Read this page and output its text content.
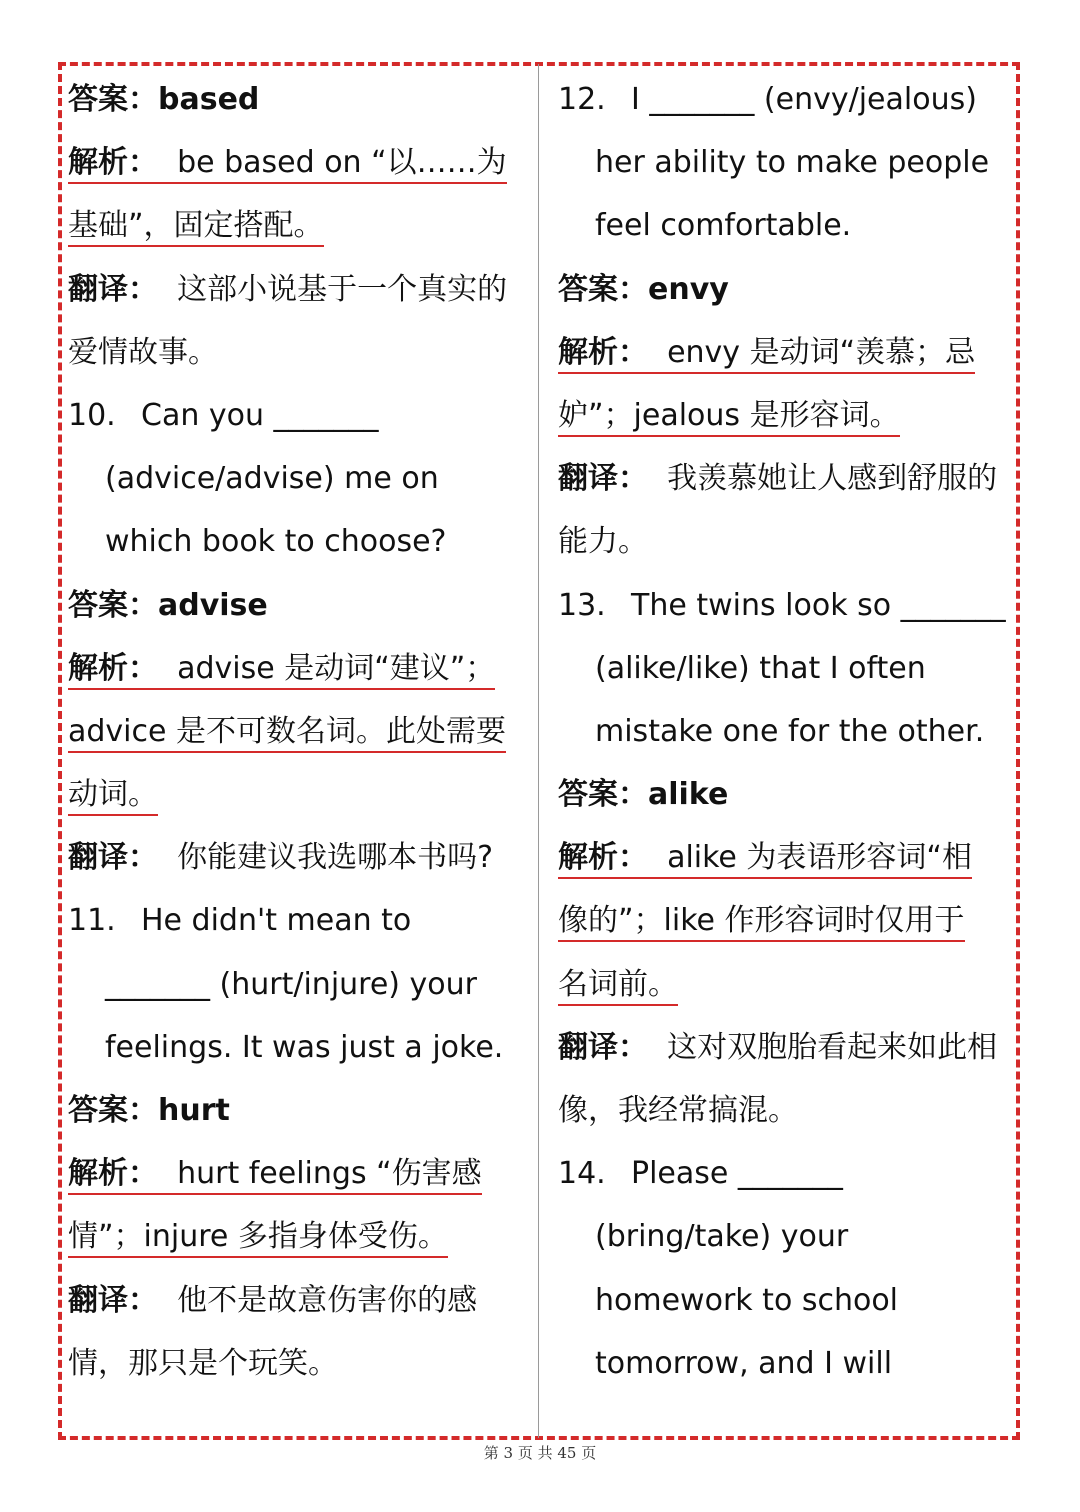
答案：based
解析： be based on “以……为
基础”，固定搭配。
翻译： 这部小说基于一个真实的
爱情故事。
10. Can you _______
(advice/advise) me on
which book to choose?
答案：advise
解析： advise 是动词“建议”；
advice 是不可数名词。此处需要
动词。
翻译： 你能建议我选哪本书吗?
11. He didn't mean to
_______ (hurt/injure) your
feelings. It was just a joke.
答案：hurt
解析： hurt feelings “伤害感
情”；injure 多指身体受伤。
翻译： 他不是故意伤害你的感
情，那只是个玩笑。
12. I _______ (envy/jealous)
her ability to make people
feel comfortable.
答案：envy
解析： envy 是动词“羡慕；忌
妒”；jealous 是形容词。
翻译： 我羡慕她让人感到舒服的
能力。
13. The twins look so _______
(alike/like) that I often
mistake one for the other.
答案：alike
解析： alike 为表语形容词“相
像的”；like 作形容词时仅用于
名词前。
翻译： 这对双胞胎看起来如此相
像，我经常搞混。
14. Please _______
(bring/take) your
homework to school
tomorrow, and I will
第 3 页 共 45 页
